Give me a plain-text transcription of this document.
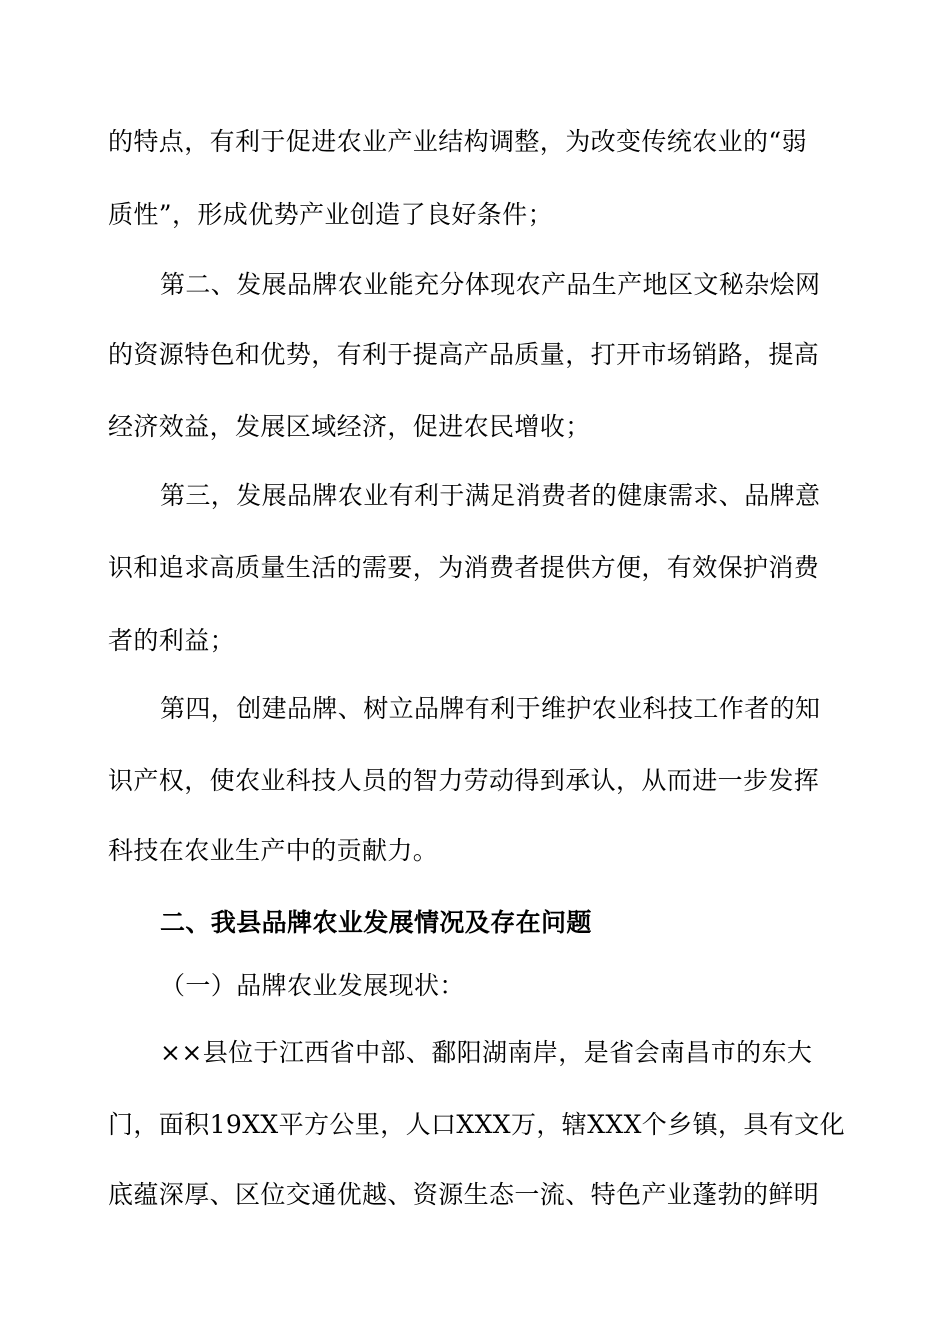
的特点，有利于促进农业产业结构调整，为改变传统农业的“弱
质性”，形成优势产业创造了良好条件；
第二、发展品牌农业能充分体现农产品生产地区文秘杂烩网
的资源特色和优势，有利于提高产品质量，打开市场销路，提高
经济效益，发展区域经济，促进农民增收；
第三，发展品牌农业有利于满足消费者的健康需求、品牌意
识和追求高质量生活的需要，为消费者提供方便，有效保护消费
者的利益；
第四，创建品牌、树立品牌有利于维护农业科技工作者的知
识产权，使农业科技人员的智力劳动得到承认，从而进一步发挥
科技在农业生产中的贡献力。
二、我县品牌农业发展情况及存在问题
（一）品牌农业发展现状：
××县位于江西省中部、鄱阳湖南岸，是省会南昌市的东大
门，面积19XX平方公里，人口XXX万，辖XXX个乡镇，具有文化
底蕴深厚、区位交通优越、资源生态一流、特色产业蓬勃的鲜明
